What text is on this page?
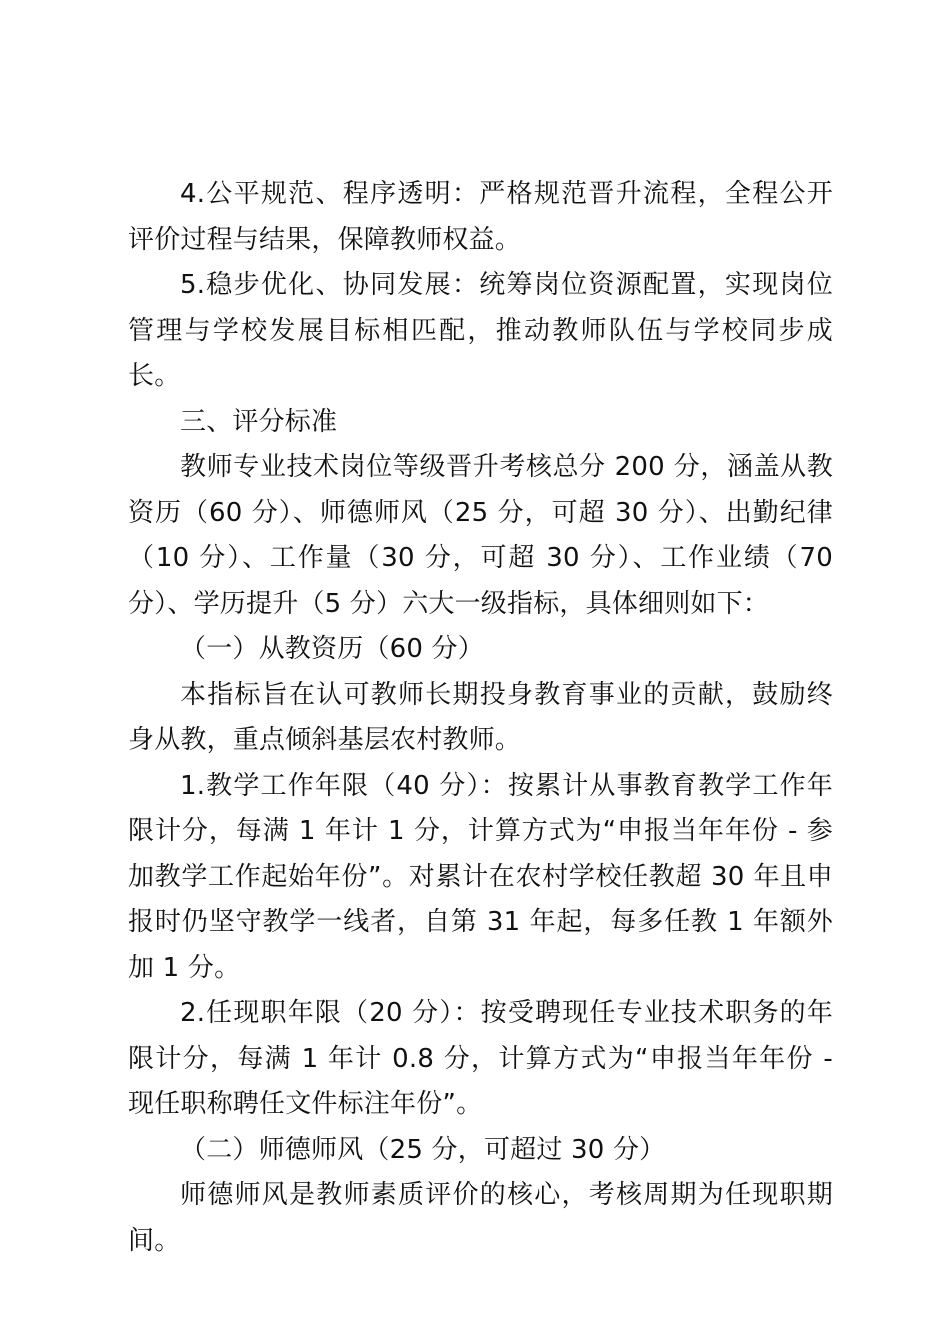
4.公平规范、程序透明：严格规范晋升流程，全程公开评价过程与结果，保障教师权益。

5.稳步优化、协同发展：统筹岗位资源配置，实现岗位管理与学校发展目标相匹配，推动教师队伍与学校同步成长。

三、评分标准

教师专业技术岗位等级晋升考核总分 200 分，涵盖从教资历（60 分）、师德师风（25 分，可超 30 分）、出勤纪律（10 分）、工作量（30 分，可超 30 分）、工作业绩（70 分）、学历提升（5 分）六大一级指标，具体细则如下：

（一）从教资历（60 分）

本指标旨在认可教师长期投身教育事业的贡献，鼓励终身从教，重点倾斜基层农村教师。

1.教学工作年限（40 分）：按累计从事教育教学工作年限计分，每满 1 年计 1 分，计算方式为“申报当年年份 - 参加教学工作起始年份”。对累计在农村学校任教超 30 年且申报时仍坚守教学一线者，自第 31 年起，每多任教 1 年额外加 1 分。

2.任现职年限（20 分）：按受聘现任专业技术职务的年限计分，每满 1 年计 0.8 分，计算方式为“申报当年年份 - 现任职称聘任文件标注年份”。

（二）师德师风（25 分，可超过 30 分）

师德师风是教师素质评价的核心，考核周期为任现职期间。
